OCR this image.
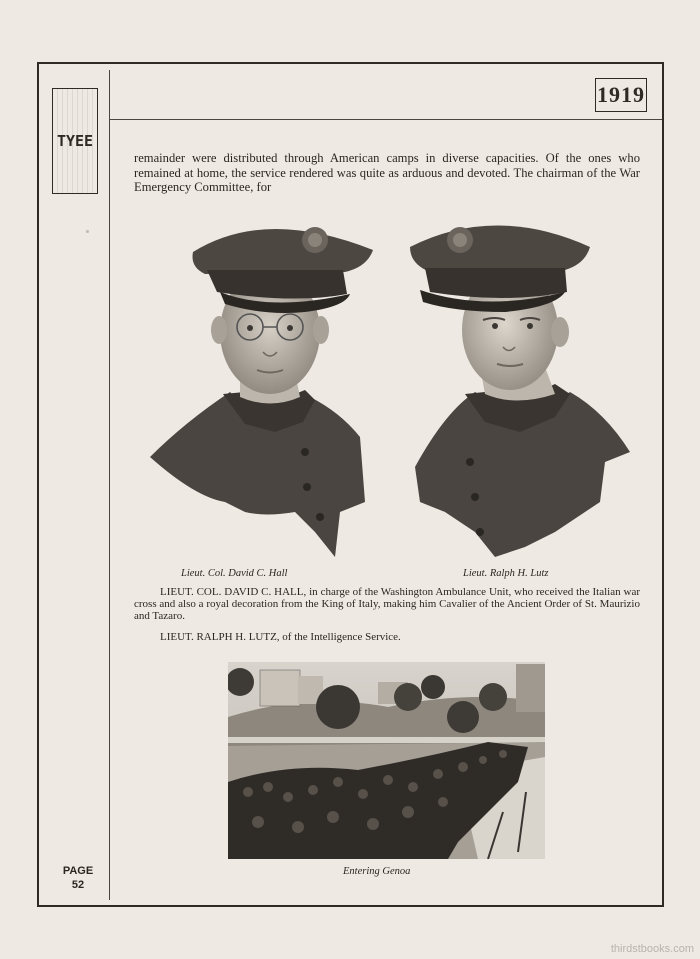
TYEE
1919

remainder were distributed through American camps in diverse capacities. Of the ones who remained at home, the service rendered was quite as arduous and devoted. The chairman of the War Emergency Committee, for

Lieut. Col. David C. Hall	Lieut. Ralph H. Lutz

LIEUT. COL. DAVID C. HALL, in charge of the Washington Ambulance Unit, who received the Italian war cross and also a royal decoration from the King of Italy, making him Cavalier of the Ancient Order of St. Maurizio and Tazaro.

LIEUT. RALPH H. LUTZ, of the Intelligence Service.

Entering Genoa

PAGE
52
thirdstbooks.com
